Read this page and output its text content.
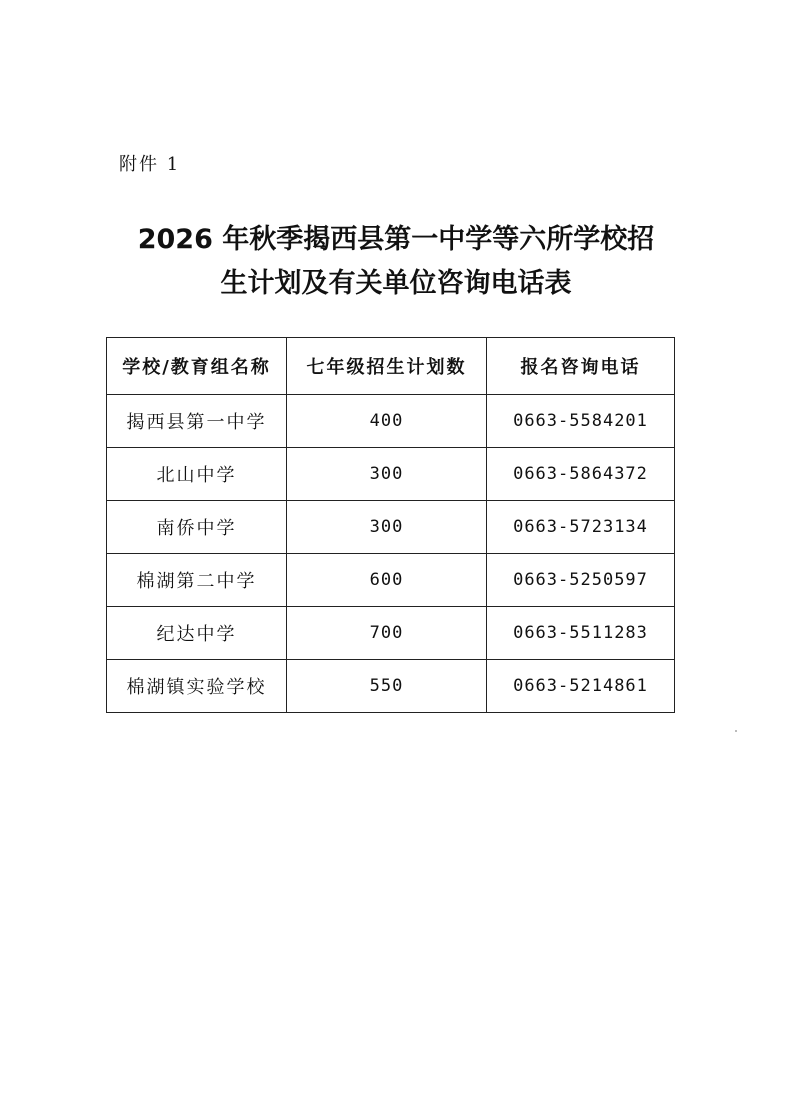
附件 1
2026 年秋季揭西县第一中学等六所学校招
生计划及有关单位咨询电话表
学校/教育组名称	七年级招生计划数	报名咨询电话
揭西县第一中学	400	0663-5584201
北山中学	300	0663-5864372
南侨中学	300	0663-5723134
棉湖第二中学	600	0663-5250597
纪达中学	700	0663-5511283
棉湖镇实验学校	550	0663-5214861
